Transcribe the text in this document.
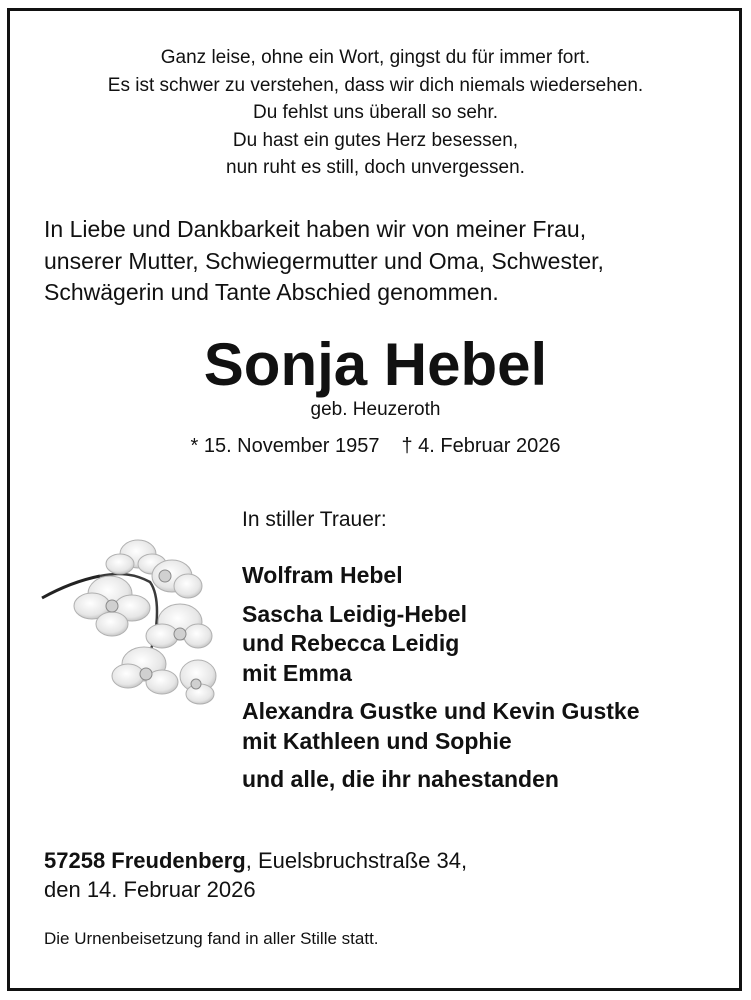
Ganz leise, ohne ein Wort, gingst du für immer fort.
Es ist schwer zu verstehen, dass wir dich niemals wiedersehen.
Du fehlst uns überall so sehr.
Du hast ein gutes Herz besessen,
nun ruht es still, doch unvergessen.
In Liebe und Dankbarkeit haben wir von meiner Frau,
unserer Mutter, Schwiegermutter und Oma, Schwester,
Schwägerin und Tante Abschied genommen.
Sonja Hebel
geb. Heuzeroth
* 15. November 1957 † 4. Februar 2026
In stiller Trauer:
Wolfram Hebel
Sascha Leidig-Hebel
und Rebecca Leidig
mit Emma
Alexandra Gustke und Kevin Gustke
mit Kathleen und Sophie
und alle, die ihr nahestanden
57258 Freudenberg, Euelsbruchstraße 34,
den 14. Februar 2026
Die Urnenbeisetzung fand in aller Stille statt.
